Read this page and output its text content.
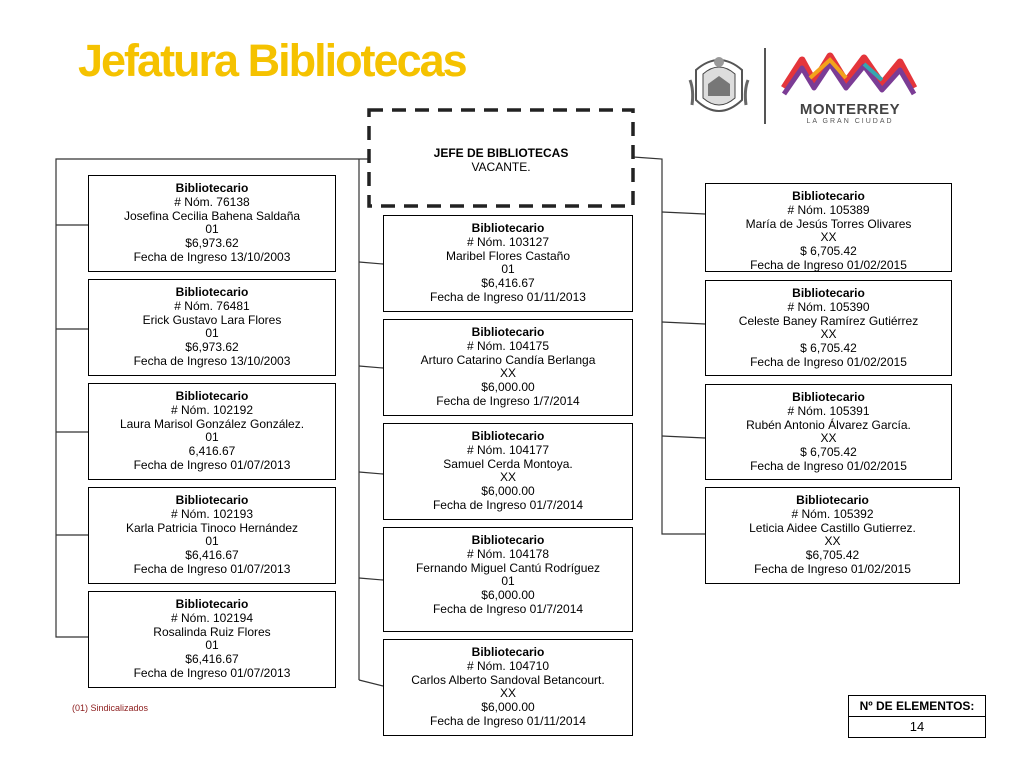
Jefatura Bibliotecas
MONTERREY
LA GRAN CIUDAD
JEFE DE BIBLIOTECAS
VACANTE.
Bibliotecario
# Nóm. 76138
Josefina Cecilia Bahena Saldaña
01
$6,973.62
Fecha de Ingreso 13/10/2003
Bibliotecario
# Nóm. 76481
Erick Gustavo Lara Flores
01
$6,973.62
Fecha de Ingreso 13/10/2003
Bibliotecario
# Nóm. 102192
Laura Marisol González González.
01
6,416.67
Fecha de Ingreso 01/07/2013
Bibliotecario
# Nóm. 102193
Karla Patricia Tinoco Hernández
01
$6,416.67
Fecha de Ingreso 01/07/2013
Bibliotecario
# Nóm. 102194
Rosalinda Ruiz Flores
01
$6,416.67
Fecha de Ingreso 01/07/2013
Bibliotecario
# Nóm. 103127
Maribel Flores Castaño
01
$6,416.67
Fecha de Ingreso 01/11/2013
Bibliotecario
# Nóm. 104175
Arturo Catarino Candía Berlanga
XX
$6,000.00
Fecha de Ingreso 1/7/2014
Bibliotecario
# Nóm. 104177
Samuel Cerda Montoya.
XX
$6,000.00
Fecha de Ingreso 01/7/2014
Bibliotecario
# Nóm. 104178
Fernando Miguel Cantú Rodríguez
01
$6,000.00
Fecha de Ingreso 01/7/2014
Bibliotecario
# Nóm. 104710
Carlos Alberto Sandoval Betancourt.
XX
$6,000.00
Fecha de Ingreso 01/11/2014
Bibliotecario
# Nóm. 105389
María de Jesús Torres Olivares
XX
$ 6,705.42
Fecha de Ingreso 01/02/2015
Bibliotecario
# Nóm. 105390
Celeste Baney Ramírez Gutiérrez
XX
$ 6,705.42
Fecha de Ingreso 01/02/2015
Bibliotecario
# Nóm. 105391
Rubén Antonio Álvarez García.
XX
$ 6,705.42
Fecha de Ingreso 01/02/2015
Bibliotecario
# Nóm. 105392
Leticia Aidee Castillo Gutierrez.
XX
$6,705.42
Fecha de Ingreso 01/02/2015
(01) Sindicalizados	Nº DE ELEMENTOS:
14
